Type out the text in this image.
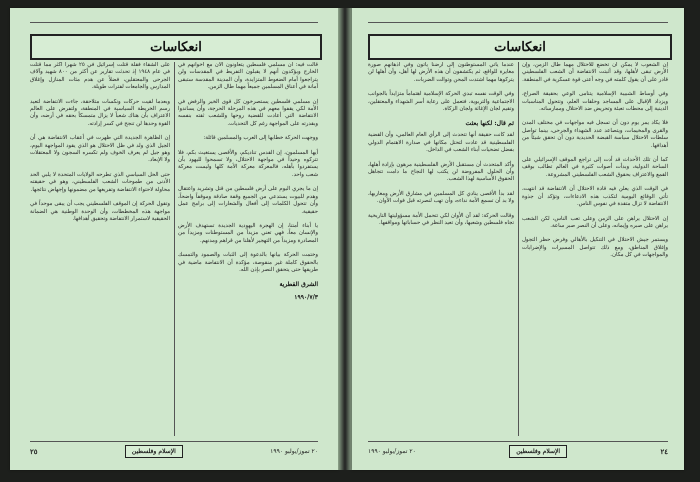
انعكاسات

قالت فيه: أن مسلمي فلسطين يتعاونون الآن مع اخوانهم في الخارج ويؤكدون أنهم لا يقبلون التفريط في المقدسات ولن يتراجعوا أمام الضغوط المتزايدة، وأن المدينة المقدسة ستبقى أمانة في أعناق المسلمين جميعاً مهما طال الزمن.

إن مسلمي فلسطين يستصرخون كل قوى الخير والرفض في الأمة لكي يقفوا معهم في هذه المرحلة الحرجة، وأن يساندوا الانتفاضة التي أعادت للقضية روحها وللشعب ثقته بنفسه وبقدرته على المواجهة رغم كل التحديات.

ووجهت الحركة خطابها إلى العرب والمسلمين قائلة:

أيها المسلمون، إن القدس تناديكم، والأقصى يستغيث بكم، فلا تتركوه وحيداً في مواجهة الاحتلال، ولا تسمحوا لليهود بأن يستفردوا بأهله، فالمعركة معركة الأمة كلها وليست معركة شعب واحد.

إن ما يجري اليوم على أرض فلسطين من قتل وتشريد واعتقال وهدم للبيوت يستدعي من الجميع وقفة صادقة وموقفاً واضحاً، وأن تتحول الكلمات إلى أفعال والشعارات إلى برامج عمل حقيقية.

يا أبناء أمتنا، إن الهجرة اليهودية الجديدة تستهدف الأرض والإنسان معاً، فهي تعني مزيداً من المستوطنات ومزيداً من المصادرة ومزيداً من التهجير لأهلنا من قراهم ومدنهم.

وختمت الحركة بيانها بالدعوة إلى الثبات والصمود والتمسك بالحقوق كاملة غير منقوصة، مؤكدة أن الانتفاضة ماضية في طريقها حتى يتحقق النصر بإذن الله.

الشرق القطرية

١٩٩٠/٧/٣

على الشقاء فقلة قتلت إسرائيل في ٢٥ شهراً أكثر مما قتلت في عام ١٩٤٨ إذ تحدثت تقارير عن أكثر من ٨٠٠ شهيد وآلاف الجرحى والمعتقلين، فضلاً عن هدم مئات المنازل وإغلاق المدارس والجامعات لفترات طويلة.

وبعدما لقيت حركات ونكسات متلاحقة، جاءت الانتفاضة لتعيد رسم الخريطة السياسية في المنطقة، ولتفرض على العالم الاعتراف بأن هناك شعباً لا يزال متمسكاً بحقه في أرضه، وأن القوة وحدها لن تنجح في كسر إرادته.

إن الظاهرة الجديدة التي ظهرت في أعقاب الانتفاضة هي أن الجيل الذي ولد في ظل الاحتلال هو الذي يقود المواجهة اليوم، وهو جيل لم يعرف الخوف ولم تكسره السجون ولا المعتقلات ولا الإبعاد.

حتى الحل السياسي الذي تطرحه الولايات المتحدة لا يلبي الحد الأدنى من طموحات الشعب الفلسطيني، وهو في حقيقته محاولة لاحتواء الانتفاضة وتفريغها من مضمونها وإجهاض نتائجها.

وتقول الحركة إن الموقف الفلسطيني يجب أن يبقى موحداً في مواجهة هذه المخططات، وأن الوحدة الوطنية هي الضمانة الحقيقية لاستمرار الانتفاضة وتحقيق أهدافها.

٢٥	الإسلام وفلسطين	٢٠ تموز/يوليو ١٩٩٠
انعكاسات

إن الشعوب لا يمكن أن تخضع للاحتلال مهما طال الزمن، وإن الأرض تبقى لأهلها، وقد أثبتت الانتفاضة أن الشعب الفلسطيني قادر على أن يقول كلمته في وجه أعتى قوة عسكرية في المنطقة.

وفي أوساط الشبيبة الإسلامية يتنامى الوعي بحقيقة الصراع، ويزداد الإقبال على المساجد وحلقات العلم، وتتحول المناسبات الدينية إلى محطات تعبئة وتحريض ضد الاحتلال وممارساته.

فلا يكاد يمر يوم دون أن تسجل فيه مواجهات في مختلف المدن والقرى والمخيمات، ويتصاعد عدد الشهداء والجرحى، بينما تواصل سلطات الاحتلال سياسة القبضة الحديدية دون أن تحقق شيئاً من أهدافها.

كما أن تلك الأحداث قد أدت إلى تراجع الموقف الإسرائيلي على الساحة الدولية، وبدأت أصوات كثيرة في العالم تطالب بوقف القمع والاعتراف بحقوق الشعب الفلسطيني المشروعة.

في الوقت الذي يعلن فيه قادة الاحتلال أن الانتفاضة قد انتهت، تأتي الوقائع اليومية لتكذب هذه الادعاءات، وتؤكد أن جذوة الانتفاضة لا تزال متقدة في نفوس الناس.

إن الاحتلال يراهن على الزمن وعلى تعب الناس، لكن الشعب يراهن على صبره وإيمانه، وعلى أن النصر صبر ساعة.

ويستمر جيش الاحتلال في التنكيل بالأهالي وفرض حظر التجول وإغلاق المناطق، ومع ذلك تتواصل المسيرات والإضرابات والمواجهات في كل مكان.

عندما يأتي المستوطنون إلى أرضنا يأتون وفي أذهانهم صورة مغايرة للواقع، ثم يكتشفون أن هذه الأرض لها أهل، وأن أهلها لن يتركوها مهما اشتدت المحن وتوالت الضربات.

وفي الوقت نفسه تبدي الحركة الإسلامية اهتماماً متزايداً بالجوانب الاجتماعية والتربوية، فتعمل على رعاية أسر الشهداء والمعتقلين، وتقيم لجان الإغاثة ولجان الزكاة.

ثم قال: لكنها بعثت

لقد كانت حقيقة أنها تتحدث إلى الرأي العام العالمي، وأن القضية الفلسطينية قد عادت لتحتل مكانها في صدارة الاهتمام الدولي بفضل تضحيات أبناء الشعب في الداخل.

وأكد المتحدث أن مستقبل الأرض الفلسطينية مرهون بإرادة أهلها، وأن الحلول المفروضة لن يكتب لها النجاح ما دامت تتجاهل الحقوق الأساسية لهذا الشعب.

لقد بدأ الأقصى ينادي كل المسلمين في مشارق الأرض ومغاربها، ولا بد أن تسمع الأمة نداءه، وأن تهب لنصرته قبل فوات الأوان.

وقالت الحركة: لقد آن الأوان لكي تتحمل الأمة مسؤوليتها التاريخية تجاه فلسطين وشعبها، وأن تعيد النظر في حساباتها ومواقفها.

٢٠ تموز/يوليو ١٩٩٠	الإسلام وفلسطين	٢٤
